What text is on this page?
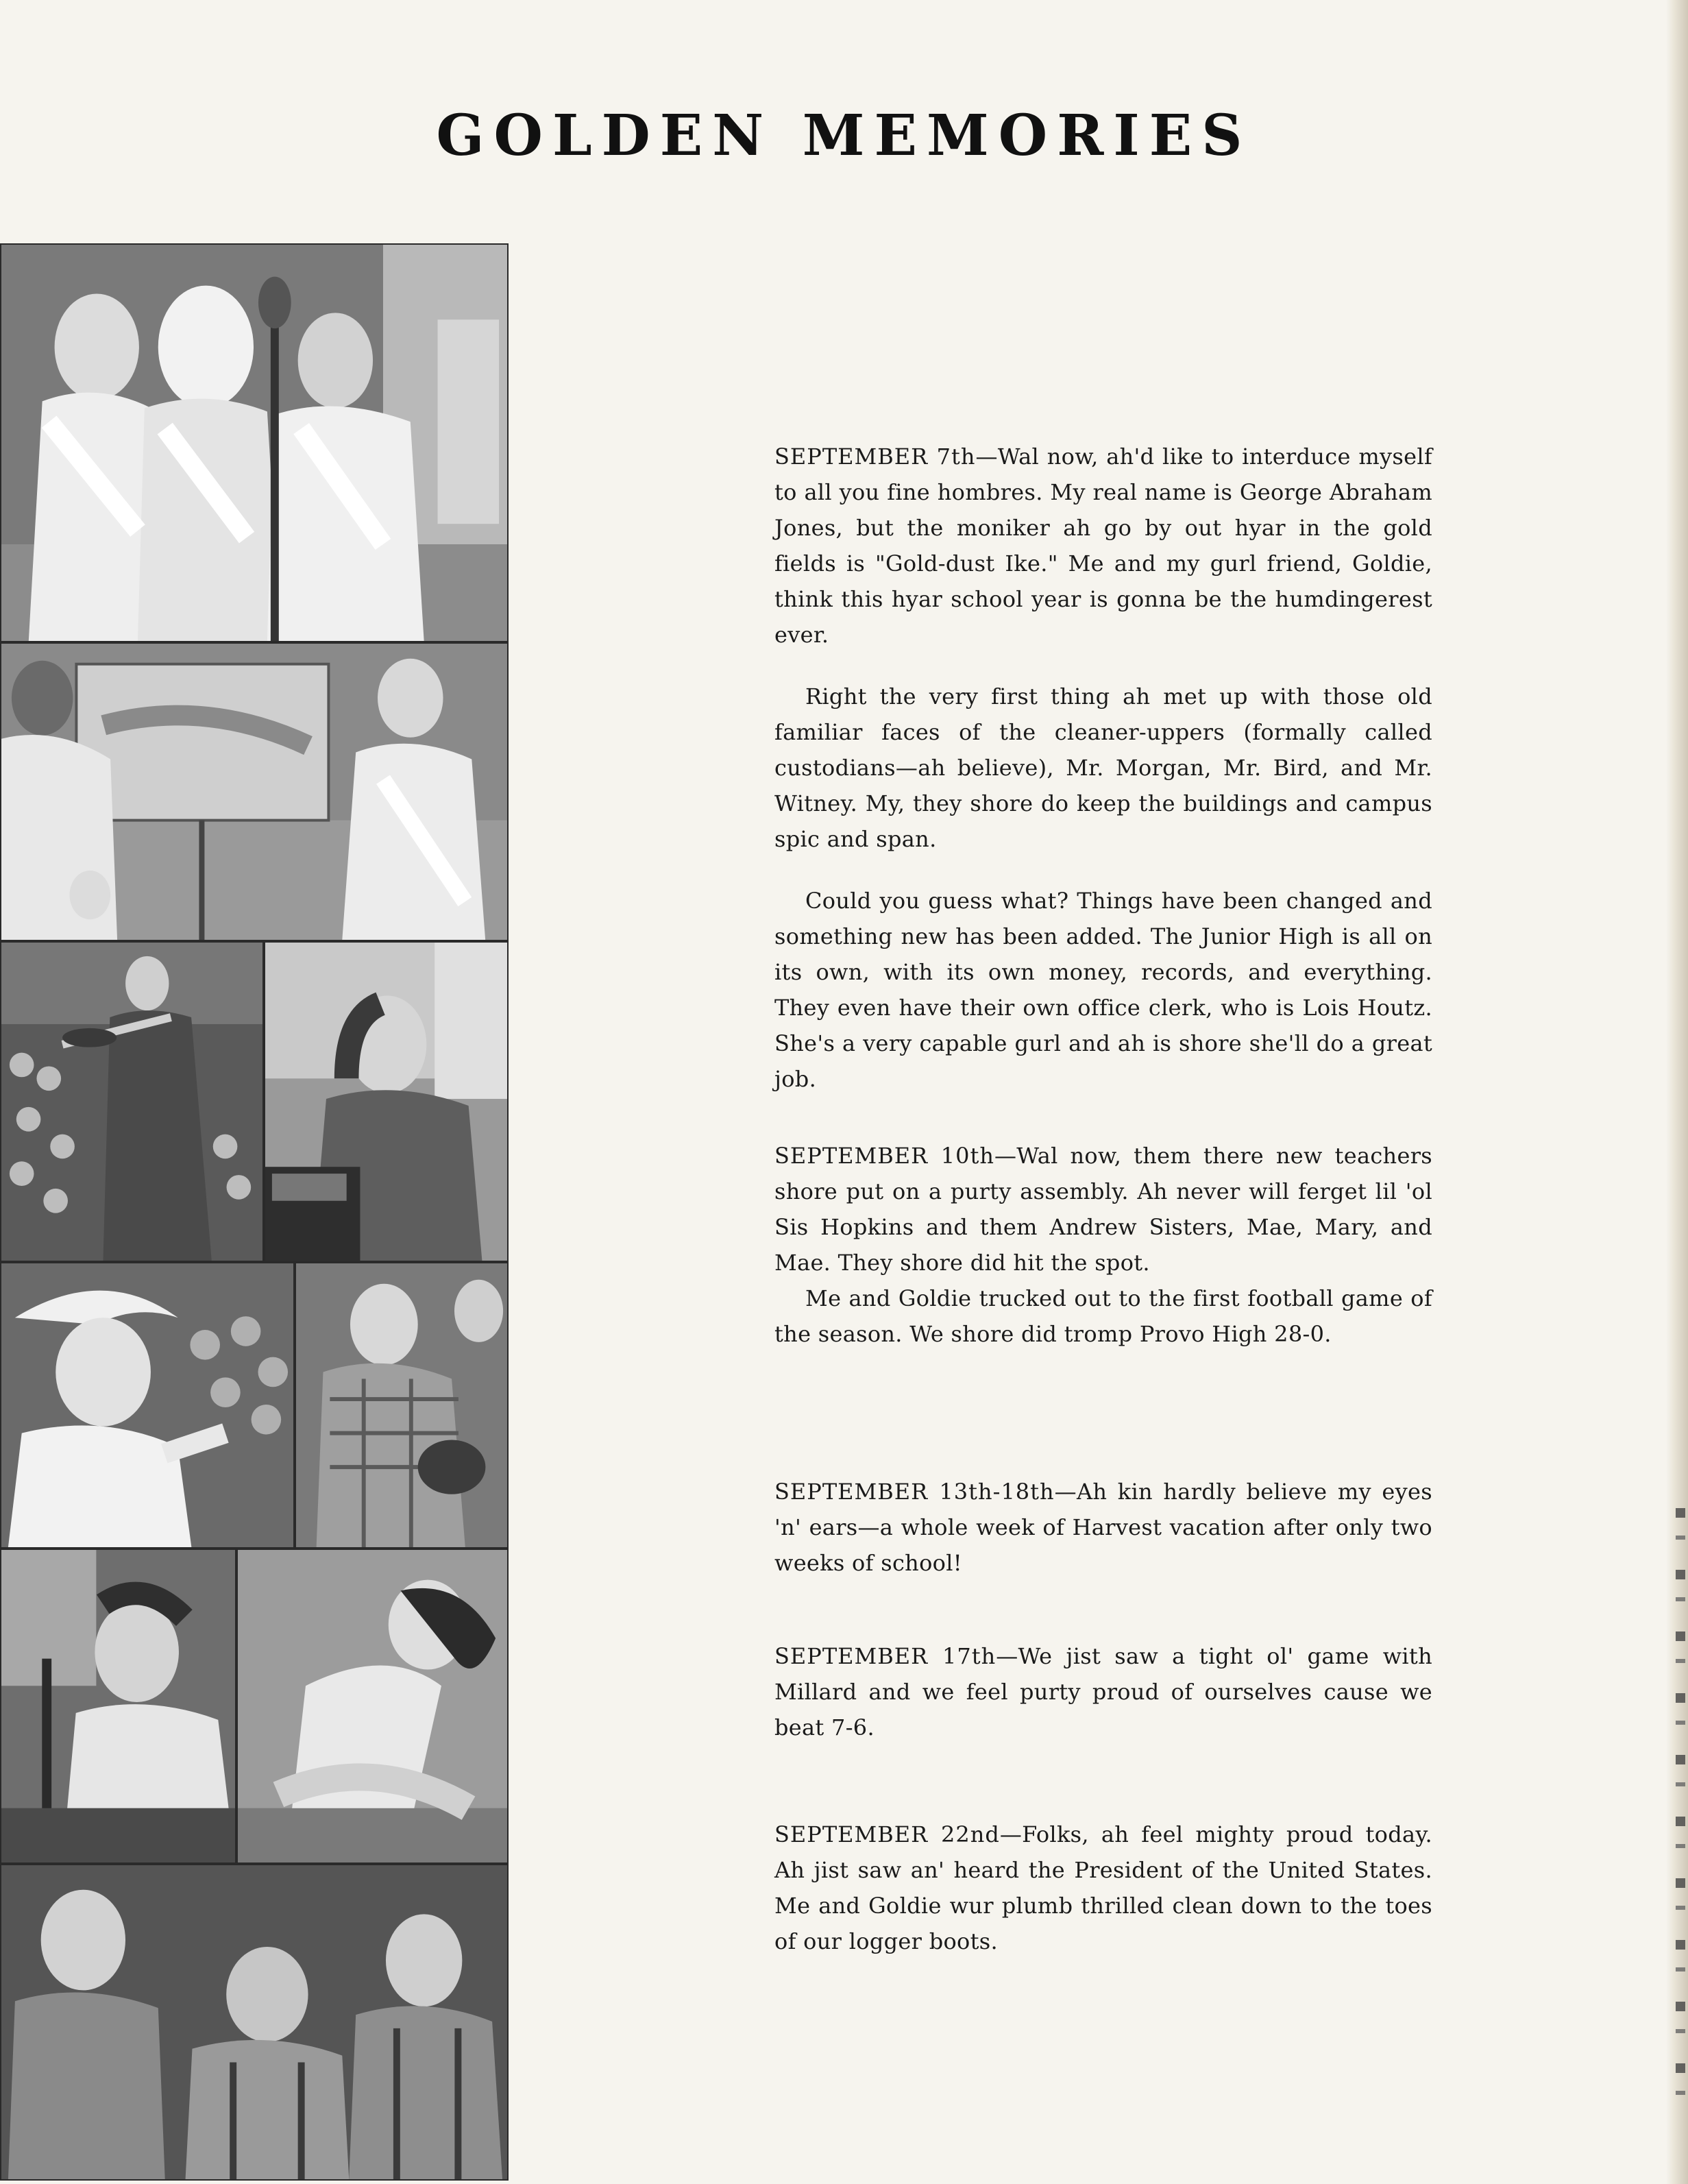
GOLDEN MEMORIES

SEPTEMBER 7th—Wal now, ah'd like to interduce myself to all you fine hombres. My real name is George Abraham Jones, but the moniker ah go by out hyar in the gold fields is "Gold-dust Ike." Me and my gurl friend, Goldie, think this hyar school year is gonna be the humdingerest ever.

Right the very first thing ah met up with those old familiar faces of the cleaner-uppers (formally called custodians—ah believe), Mr. Morgan, Mr. Bird, and Mr. Witney. My, they shore do keep the buildings and campus spic and span.

Could you guess what? Things have been changed and something new has been added. The Junior High is all on its own, with its own money, records, and everything. They even have their own office clerk, who is Lois Houtz. She's a very capable gurl and ah is shore she'll do a great job.

SEPTEMBER 10th—Wal now, them there new teachers shore put on a purty assembly. Ah never will ferget lil 'ol Sis Hopkins and them Andrew Sisters, Mae, Mary, and Mae. They shore did hit the spot.

Me and Goldie trucked out to the first football game of the season. We shore did tromp Provo High 28-0.

SEPTEMBER 13th-18th—Ah kin hardly believe my eyes 'n' ears—a whole week of Harvest vacation after only two weeks of school!

SEPTEMBER 17th—We jist saw a tight ol' game with Millard and we feel purty proud of ourselves cause we beat 7-6.

SEPTEMBER 22nd—Folks, ah feel mighty proud today. Ah jist saw an' heard the President of the United States. Me and Goldie wur plumb thrilled clean down to the toes of our logger boots.
